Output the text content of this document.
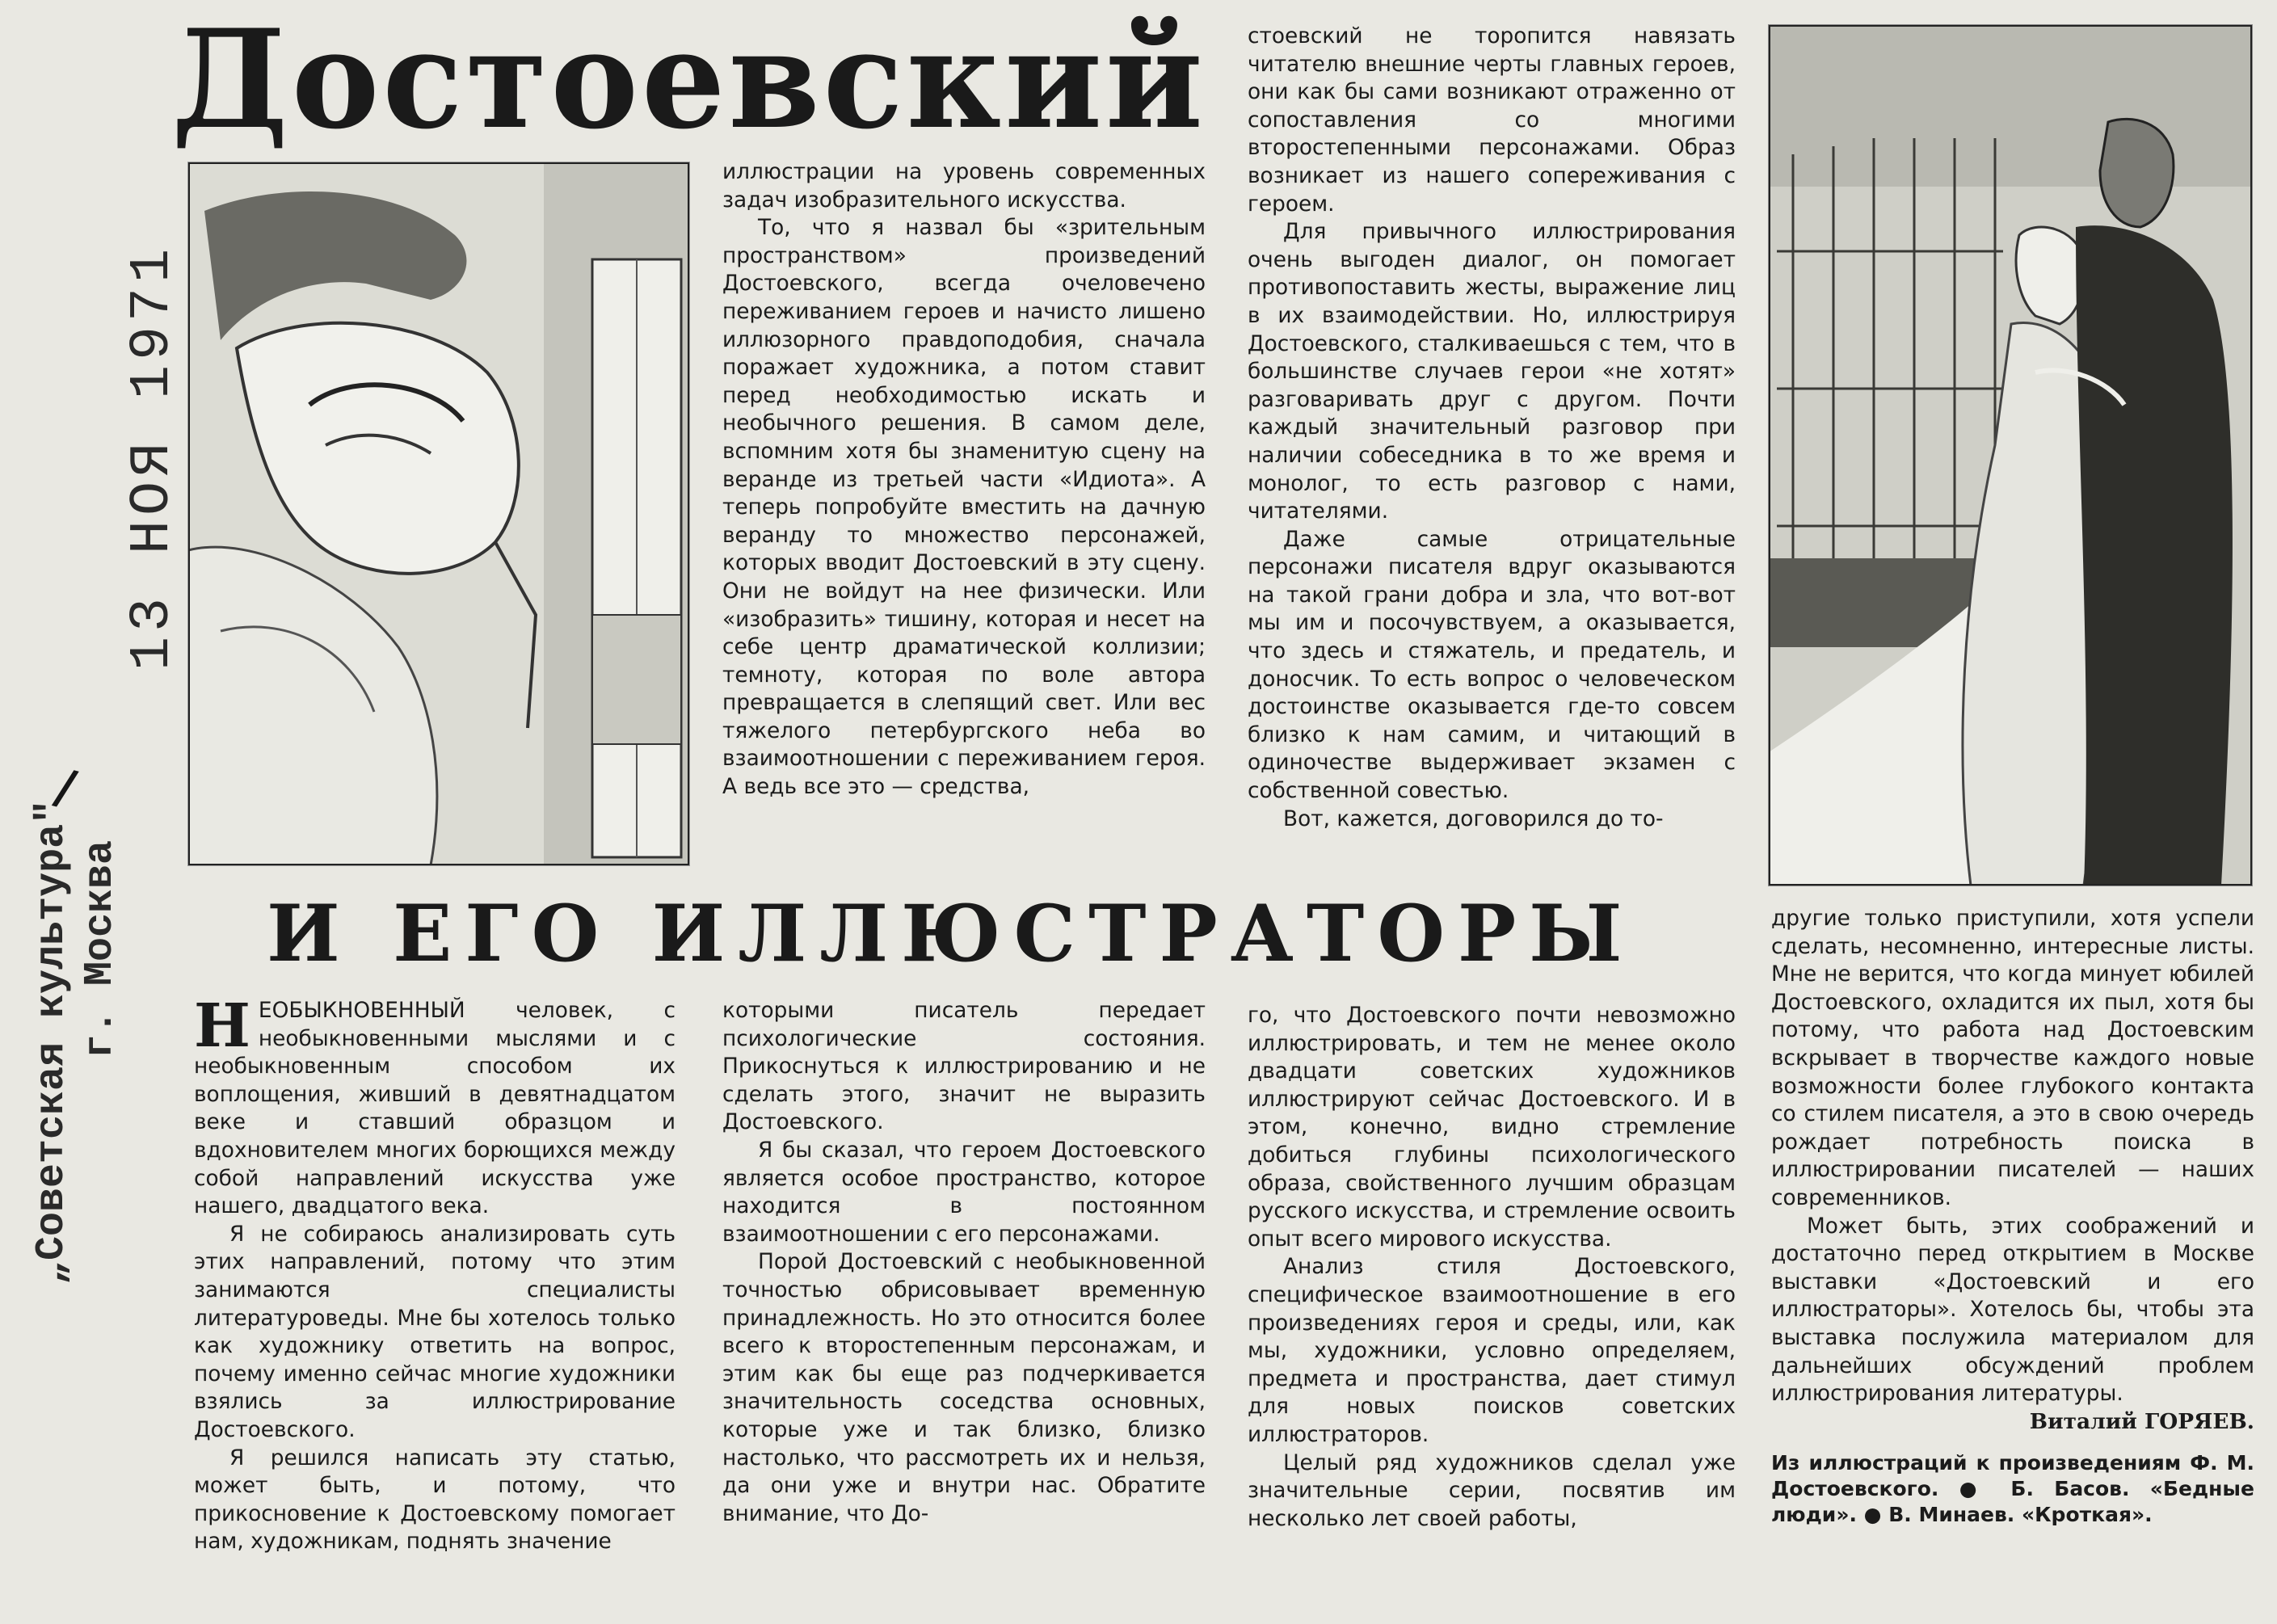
Достоевский
И ЕГО ИЛЛЮСТРАТОРЫ
13 НОЯ 1971
„Советская культура" г. Москва
/

иллюстрации на уровень современных задач изобразительного искусства.

То, что я назвал бы «зрительным пространством» произведений Достоевского, всегда очеловечено переживанием героев и начисто лишено иллюзорного правдоподобия, сначала поражает художника, а потом ставит перед необходимостью искать и необычного решения. В самом деле, вспомним хотя бы знаменитую сцену на веранде из третьей части «Идиота». А теперь попробуйте вместить на дачную веранду то множество персонажей, которых вводит Достоевский в эту сцену. Они не войдут на нее физически. Или «изобразить» тишину, которая и несет на себе центр драматической коллизии; темноту, которая по воле автора превращается в слепящий свет. Или вес тяжелого петербургского неба во взаимоотношении с переживанием героя. А ведь все это — средства,

стоевский не торопится навязать читателю внешние черты главных героев, они как бы сами возникают отраженно от сопоставления со многими второстепенными персонажами. Образ возникает из нашего сопереживания с героем.

Для привычного иллюстрирования очень выгоден диалог, он помогает противопоставить жесты, выражение лиц в их взаимодействии. Но, иллюстрируя Достоевского, сталкиваешься с тем, что в большинстве случаев герои «не хотят» разговаривать друг с другом. Почти каждый значительный разговор при наличии собеседника в то же время и монолог, то есть разговор с нами, читателями.

Даже самые отрицательные персонажи писателя вдруг оказываются на такой грани добра и зла, что вот-вот мы им и посочувствуем, а оказывается, что здесь и стяжатель, и предатель, и доносчик. То есть вопрос о человеческом достоинстве оказывается где-то совсем близко к нам самим, и читающий в одиночестве выдерживает экзамен с собственной совестью.

Вот, кажется, договорился до то-

НЕОБЫКНОВЕННЫЙ человек, с необыкновенными мыслями и с необыкновенным способом их воплощения, живший в девятнадцатом веке и ставший образцом и вдохновителем многих борющихся между собой направлений искусства уже нашего, двадцатого века.

Я не собираюсь анализировать суть этих направлений, потому что этим занимаются специалисты литературоведы. Мне бы хотелось только как художнику ответить на вопрос, почему именно сейчас многие художники взялись за иллюстрирование Достоевского.

Я решился написать эту статью, может быть, и потому, что прикосновение к Достоевскому помогает нам, художникам, поднять значение

которыми писатель передает психологические состояния. Прикоснуться к иллюстрированию и не сделать этого, значит не выразить Достоевского.

Я бы сказал, что героем Достоевского является особое пространство, которое находится в постоянном взаимоотношении с его персонажами.

Порой Достоевский с необыкновенной точностью обрисовывает временную принадлежность. Но это относится более всего к второстепенным персонажам, и этим как бы еще раз подчеркивается значительность соседства основных, которые уже и так близко, близко настолько, что рассмотреть их и нельзя, да они уже и внутри нас. Обратите внимание, что До-

го, что Достоевского почти невозможно иллюстрировать, и тем не менее около двадцати советских художников иллюстрируют сейчас Достоевского. И в этом, конечно, видно стремление добиться глубины психологического образа, свойственного лучшим образцам русского искусства, и стремление освоить опыт всего мирового искусства.

Анализ стиля Достоевского, специфическое взаимоотношение в его произведениях героя и среды, или, как мы, художники, условно определяем, предмета и пространства, дает стимул для новых поисков советских иллюстраторов.

Целый ряд художников сделал уже значительные серии, посвятив им несколько лет своей работы,

другие только приступили, хотя успели сделать, несомненно, интересные листы. Мне не верится, что когда минует юбилей Достоевского, охладится их пыл, хотя бы потому, что работа над Достоевским вскрывает в творчестве каждого новые возможности более глубокого контакта со стилем писателя, а это в свою очередь рождает потребность поиска в иллюстрировании писателей — наших современников.

Может быть, этих соображений и достаточно перед открытием в Москве выставки «Достоевский и его иллюстраторы». Хотелось бы, чтобы эта выставка послужила материалом для дальнейших обсуждений проблем иллюстрирования литературы.

Виталий ГОРЯЕВ.

Из иллюстраций к произведениям Ф. М. Достоевского. ● Б. Басов. «Бедные люди». ● В. Минаев. «Кроткая».
